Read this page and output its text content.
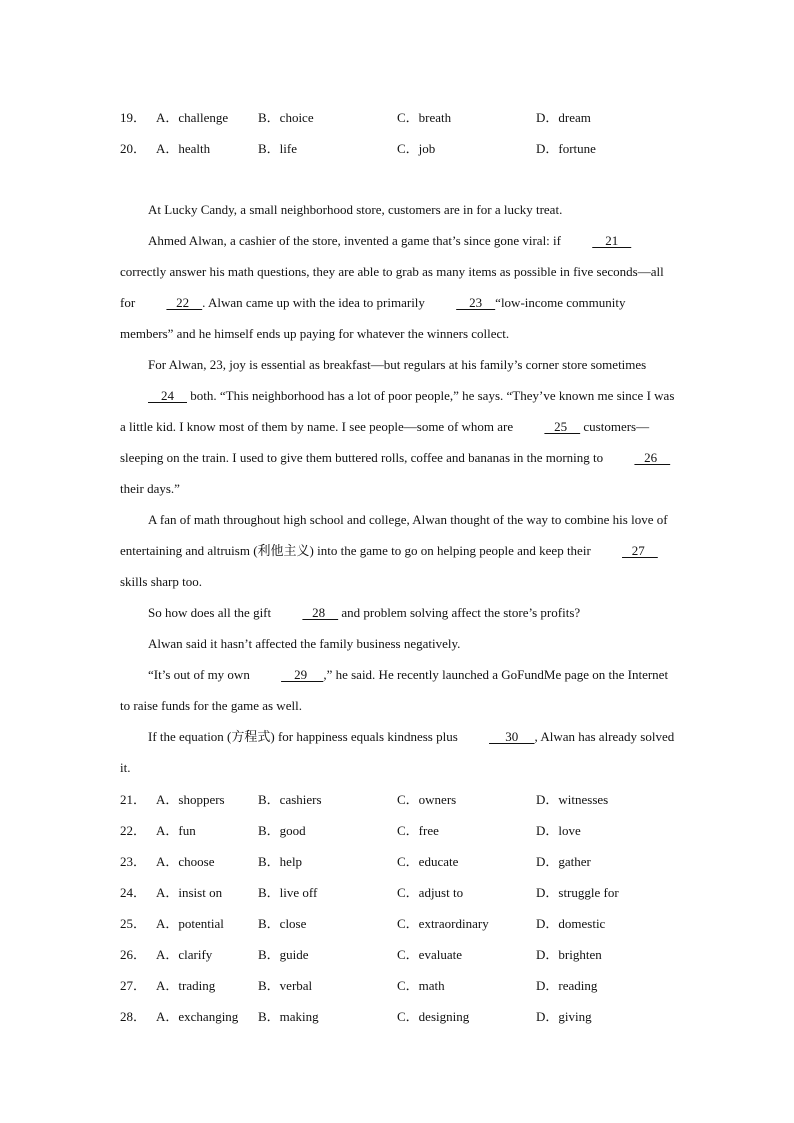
19． A．challenge	B．choice	C．breath	D．dream
20． A．health	B．life	C．job	D．fortune
At Lucky Candy, a small neighborhood store, customers are in for a lucky treat.
Ahmed Alwan, a cashier of the store, invented a game that’s since gone viral: if     21     correctly answer his math questions, they are able to grab as many items as possible in five seconds—all for    22    . Alwan came up with the idea to primarily     23    “low-income community members” and he himself ends up paying for whatever the winners collect.
For Alwan, 23, joy is essential as breakfast—but regulars at his family’s corner store sometimes     24     both. “This neighborhood has a lot of poor people,” he says. “They’ve known me since I was a little kid. I know most of them by name. I see people—some of whom are    25     customers—sleeping on the train. I used to give them buttered rolls, coffee and bananas in the morning to    26     their days.”
A fan of math throughout high school and college, Alwan thought of the way to combine his love of entertaining and altruism (利他主义) into the game to go on helping people and keep their    27     skills sharp too.
So how does all the gift    28     and problem solving affect the store’s profits?
Alwan said it hasn’t affected the family business negatively.
“It’s out of my own     29     ,” he said. He recently launched a GoFundMe page on the Internet to raise funds for the game as well.
If the equation (方程式) for happiness equals kindness plus      30     , Alwan has already solved it.
21． A．shoppers	B．cashiers	C．owners	D．witnesses
22． A．fun	B．good	C．free	D．love
23． A．choose	B．help	C．educate	D．gather
24． A．insist on	B．live off	C．adjust to	D．struggle for
25． A．potential	B．close	C．extraordinary	D．domestic
26． A．clarify	B．guide	C．evaluate	D．brighten
27． A．trading	B．verbal	C．math	D．reading
28． A．exchanging	B．making	C．designing	D．giving
